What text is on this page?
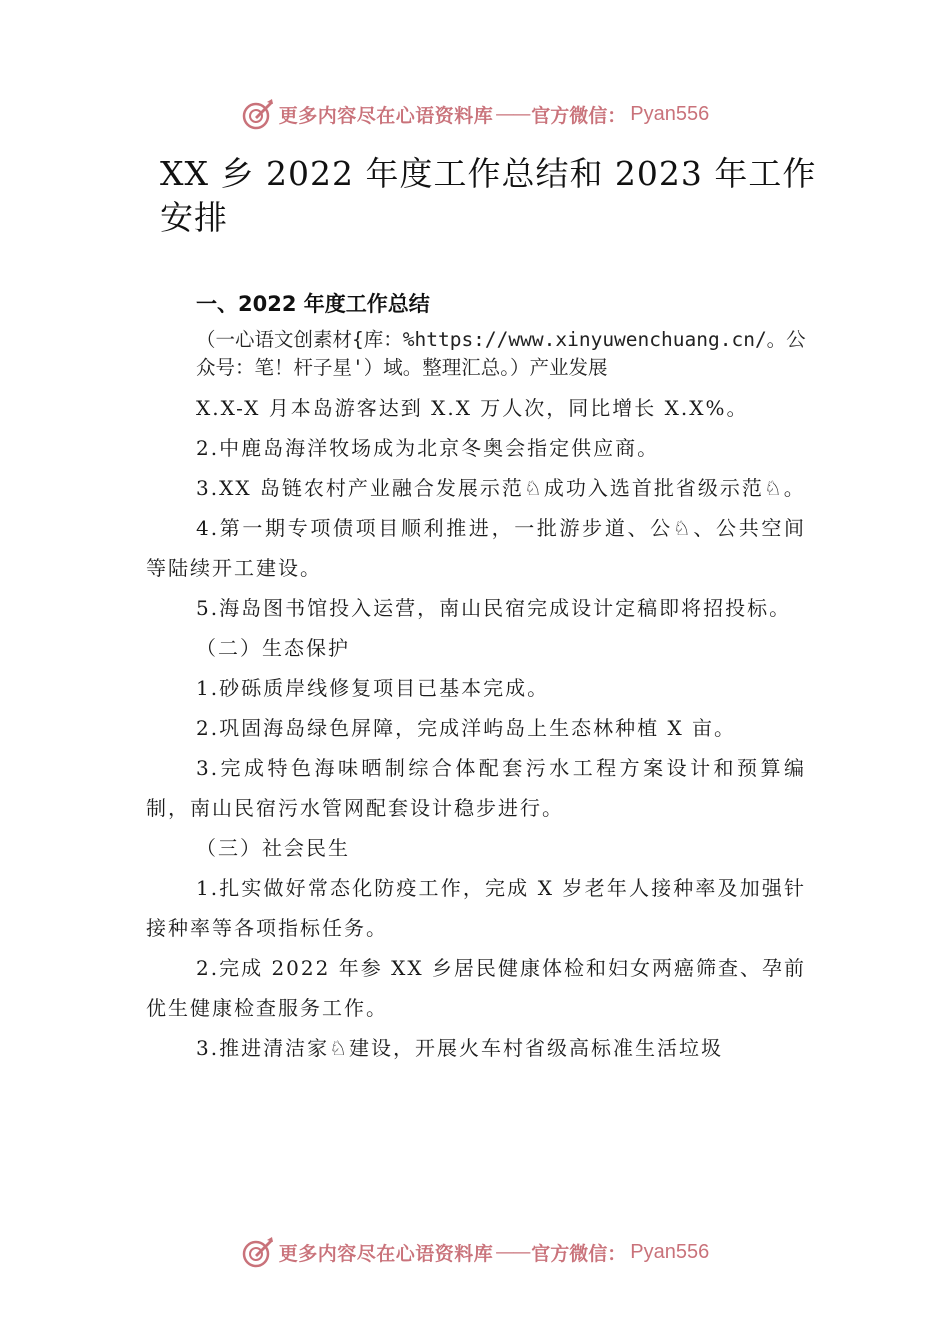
更多内容尽在心语资料库 —— 官方微信： Pyan556
XX 乡 2022 年度工作总结和 2023 年工作安排

一、2022 年度工作总结

（一心语文创素材{库：%https://www.xinyuwenchuang.cn/。公众号：笔！杆子星'）域。整理汇总。）产业发展

X.X-X 月本岛游客达到 X.X 万人次，同比增长 X.X%。

2.中鹿岛海洋牧场成为北京冬奥会指定供应商。

3.XX 岛链农村产业融合发展示范♘成功入选首批省级示范♘。

4.第一期专项债项目顺利推进，一批游步道、公♘、公共空间等陆续开工建设。

5.海岛图书馆投入运营，南山民宿完成设计定稿即将招投标。

（二）生态保护

1.砂砾质岸线修复项目已基本完成。

2.巩固海岛绿色屏障，完成洋屿岛上生态林种植 X 亩。

3.完成特色海味晒制综合体配套污水工程方案设计和预算编制，南山民宿污水管网配套设计稳步进行。

（三）社会民生

1.扎实做好常态化防疫工作，完成 X 岁老年人接种率及加强针接种率等各项指标任务。

2.完成 2022 年参 XX 乡居民健康体检和妇女两癌筛查、孕前优生健康检查服务工作。

3.推进清洁家♘建设，开展火车村省级高标准生活垃圾

更多内容尽在心语资料库 —— 官方微信： Pyan556
